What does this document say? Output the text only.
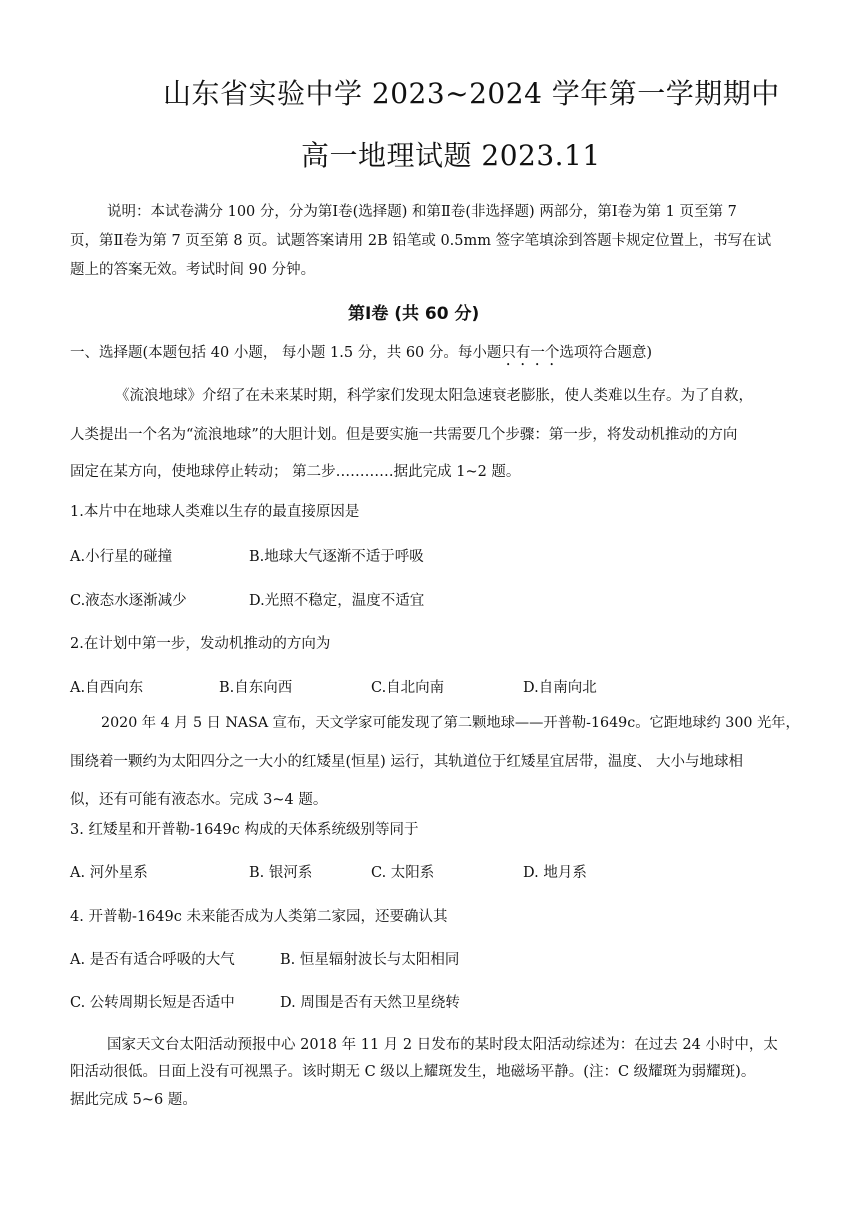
山东省实验中学 2023~2024 学年第一学期期中
高一地理试题 2023.11
说明：本试卷满分 100 分，分为第Ⅰ卷(选择题) 和第Ⅱ卷(非选择题) 两部分，第Ⅰ卷为第 1 页至第 7
页，第Ⅱ卷为第 7 页至第 8 页。试题答案请用 2B 铅笔或 0.5mm 签字笔填涂到答题卡规定位置上，书写在试
题上的答案无效。考试时间 90 分钟。
第Ⅰ卷 (共 60 分)
一、选择题(本题包括 40 小题， 每小题 1.5 分，共 60 分。每小题只有一个选项符合题意)
《流浪地球》介绍了在未来某时期，科学家们发现太阳急速衰老膨胀，使人类难以生存。为了自救，
人类提出一个名为“流浪地球”的大胆计划。但是要实施一共需要几个步骤：第一步，将发动机推动的方向
固定在某方向，使地球停止转动； 第二步…………据此完成 1~2 题。
1.本片中在地球人类难以生存的最直接原因是
A.小行星的碰撞	B.地球大气逐渐不适于呼吸
C.液态水逐渐减少	D.光照不稳定，温度不适宜
2.在计划中第一步，发动机推动的方向为
A.自西向东	B.自东向西	C.自北向南	D.自南向北
2020 年 4 月 5 日 NASA 宣布，天文学家可能发现了第二颗地球——开普勒-1649c。它距地球约 300 光年，
围绕着一颗约为太阳四分之一大小的红矮星(恒星) 运行，其轨道位于红矮星宜居带，温度、 大小与地球相
似，还有可能有液态水。完成 3~4 题。
3. 红矮星和开普勒-1649c 构成的天体系统级别等同于
A. 河外星系	B. 银河系	C. 太阳系	D. 地月系
4. 开普勒-1649c 未来能否成为人类第二家园，还要确认其
A. 是否有适合呼吸的大气	B. 恒星辐射波长与太阳相同
C. 公转周期长短是否适中	D. 周围是否有天然卫星绕转
国家天文台太阳活动预报中心 2018 年 11 月 2 日发布的某时段太阳活动综述为：在过去 24 小时中，太
阳活动很低。日面上没有可视黑子。该时期无 C 级以上耀斑发生，地磁场平静。(注：C 级耀斑为弱耀斑)。
据此完成 5~6 题。
